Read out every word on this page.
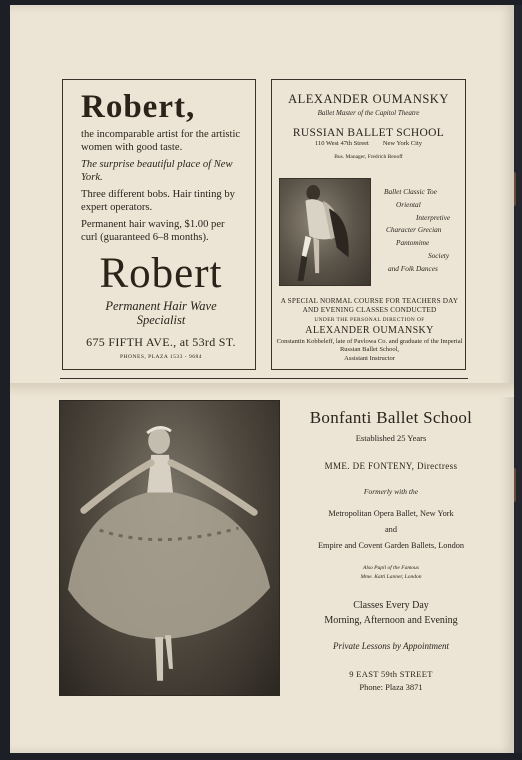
Robert,
the incomparable artist for the artistic women with good taste.
The surprise beautiful place of New York.
Three different bobs. Hair tinting by expert operators.
Permanent hair waving, $1.00 per curl (guaranteed 6–8 months).
Robert
Permanent Hair Wave Specialist
675 FIFTH AVE., at 53rd ST.
PHONES, PLAZA 1533 - 9684
ALEXANDER OUMANSKY
Ballet Master of the Capitol Theatre
RUSSIAN BALLET SCHOOL
110 West 47th Street New York City
Bus. Manager, Fredrich Benoff
Ballet Classic Toe
Oriental
Interpretive
Character Grecian
Pantomime
Society
and Folk Dances
A SPECIAL NORMAL COURSE FOR TEACHERS DAY AND EVENING CLASSES CONDUCTED
UNDER THE PERSONAL DIRECTION OF
ALEXANDER OUMANSKY
Constantin Kobbeleff, late of Pavlowa Co. and graduate of the Imperial Russian Ballet School,
Assistant Instructor
Bonfanti Ballet School
Established 25 Years
MME. DE FONTENY, Directress
Formerly with the
Metropolitan Opera Ballet, New York
and
Empire and Covent Garden Ballets, London
Also Pupil of the Famous
Mme. Katti Lanner, London
Classes Every Day
Morning, Afternoon and Evening
Private Lessons by Appointment
9 EAST 59th STREET
Phone: Plaza 3871
